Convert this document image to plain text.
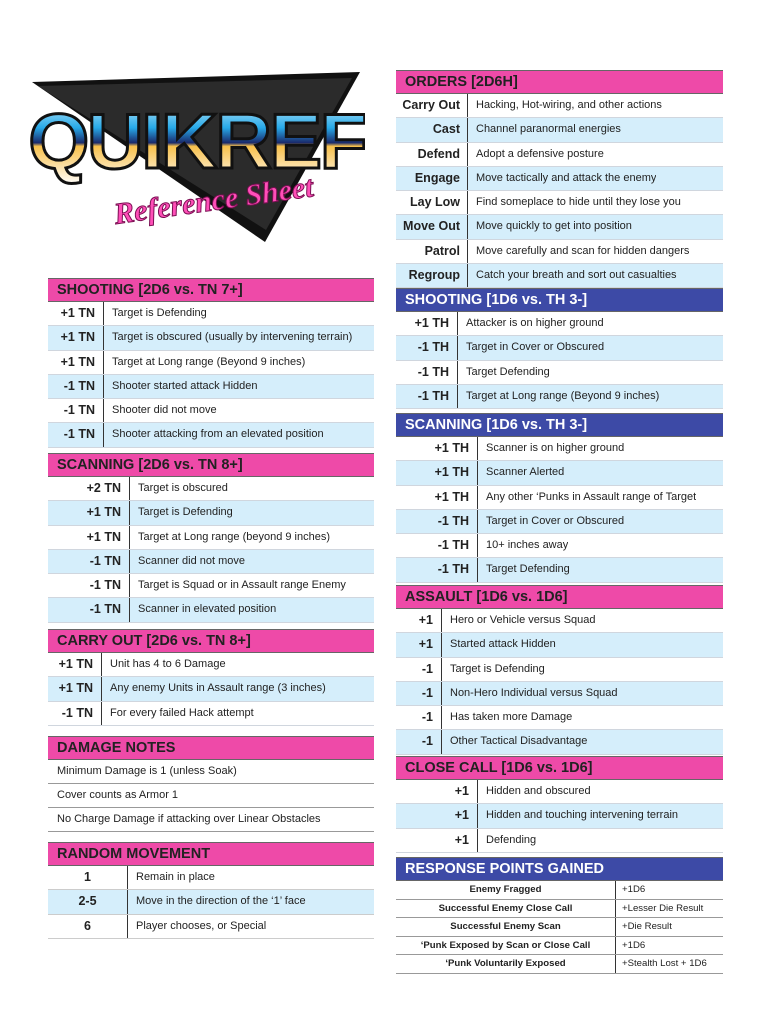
QUIKREF
Reference Sheet
SHOOTING [2D6 vs. TN 7+]
+1 TN	Target is Defending
+1 TN	Target is obscured (usually by intervening terrain)
+1 TN	Target at Long range (Beyond 9 inches)
-1 TN	Shooter started attack Hidden
-1 TN	Shooter did not move
-1 TN	Shooter attacking from an elevated position
SCANNING [2D6 vs. TN 8+]
+2 TN	Target is obscured
+1 TN	Target is Defending
+1 TN	Target at Long range (beyond 9 inches)
-1 TN	Scanner did not move
-1 TN	Target is Squad or in Assault range Enemy
-1 TN	Scanner in elevated position
CARRY OUT [2D6 vs. TN 8+]
+1 TN	Unit has 4 to 6 Damage
+1 TN	Any enemy Units in Assault range (3 inches)
-1 TN	For every failed Hack attempt
DAMAGE NOTES
Minimum Damage is 1 (unless Soak)
Cover counts as Armor 1
No Charge Damage if attacking over Linear Obstacles
RANDOM MOVEMENT
1	Remain in place
2-5	Move in the direction of the ‘1’ face
6	Player chooses, or Special
ORDERS [2D6H]
Carry Out	Hacking, Hot-wiring, and other actions
Cast	Channel paranormal energies
Defend	Adopt a defensive posture
Engage	Move tactically and attack the enemy
Lay Low	Find someplace to hide until they lose you
Move Out	Move quickly to get into position
Patrol	Move carefully and scan for hidden dangers
Regroup	Catch your breath and sort out casualties
SHOOTING [1D6 vs. TH 3-]
+1 TH	Attacker is on higher ground
-1 TH	Target in Cover or Obscured
-1 TH	Target Defending
-1 TH	Target at Long range (Beyond 9 inches)
SCANNING [1D6 vs. TH 3-]
+1 TH	Scanner is on higher ground
+1 TH	Scanner Alerted
+1 TH	Any other ‘Punks in Assault range of Target
-1 TH	Target in Cover or Obscured
-1 TH	10+ inches away
-1 TH	Target Defending
ASSAULT [1D6 vs. 1D6]
+1	Hero or Vehicle versus Squad
+1	Started attack Hidden
-1	Target is Defending
-1	Non-Hero Individual versus Squad
-1	Has taken more Damage
-1	Other Tactical Disadvantage
CLOSE CALL [1D6 vs. 1D6]
+1	Hidden and obscured
+1	Hidden and touching intervening terrain
+1	Defending
RESPONSE POINTS GAINED
Enemy Fragged	+1D6
Successful Enemy Close Call	+Lesser Die Result
Successful Enemy Scan	+Die Result
‘Punk Exposed by Scan or Close Call	+1D6
‘Punk Voluntarily Exposed	+Stealth Lost + 1D6
